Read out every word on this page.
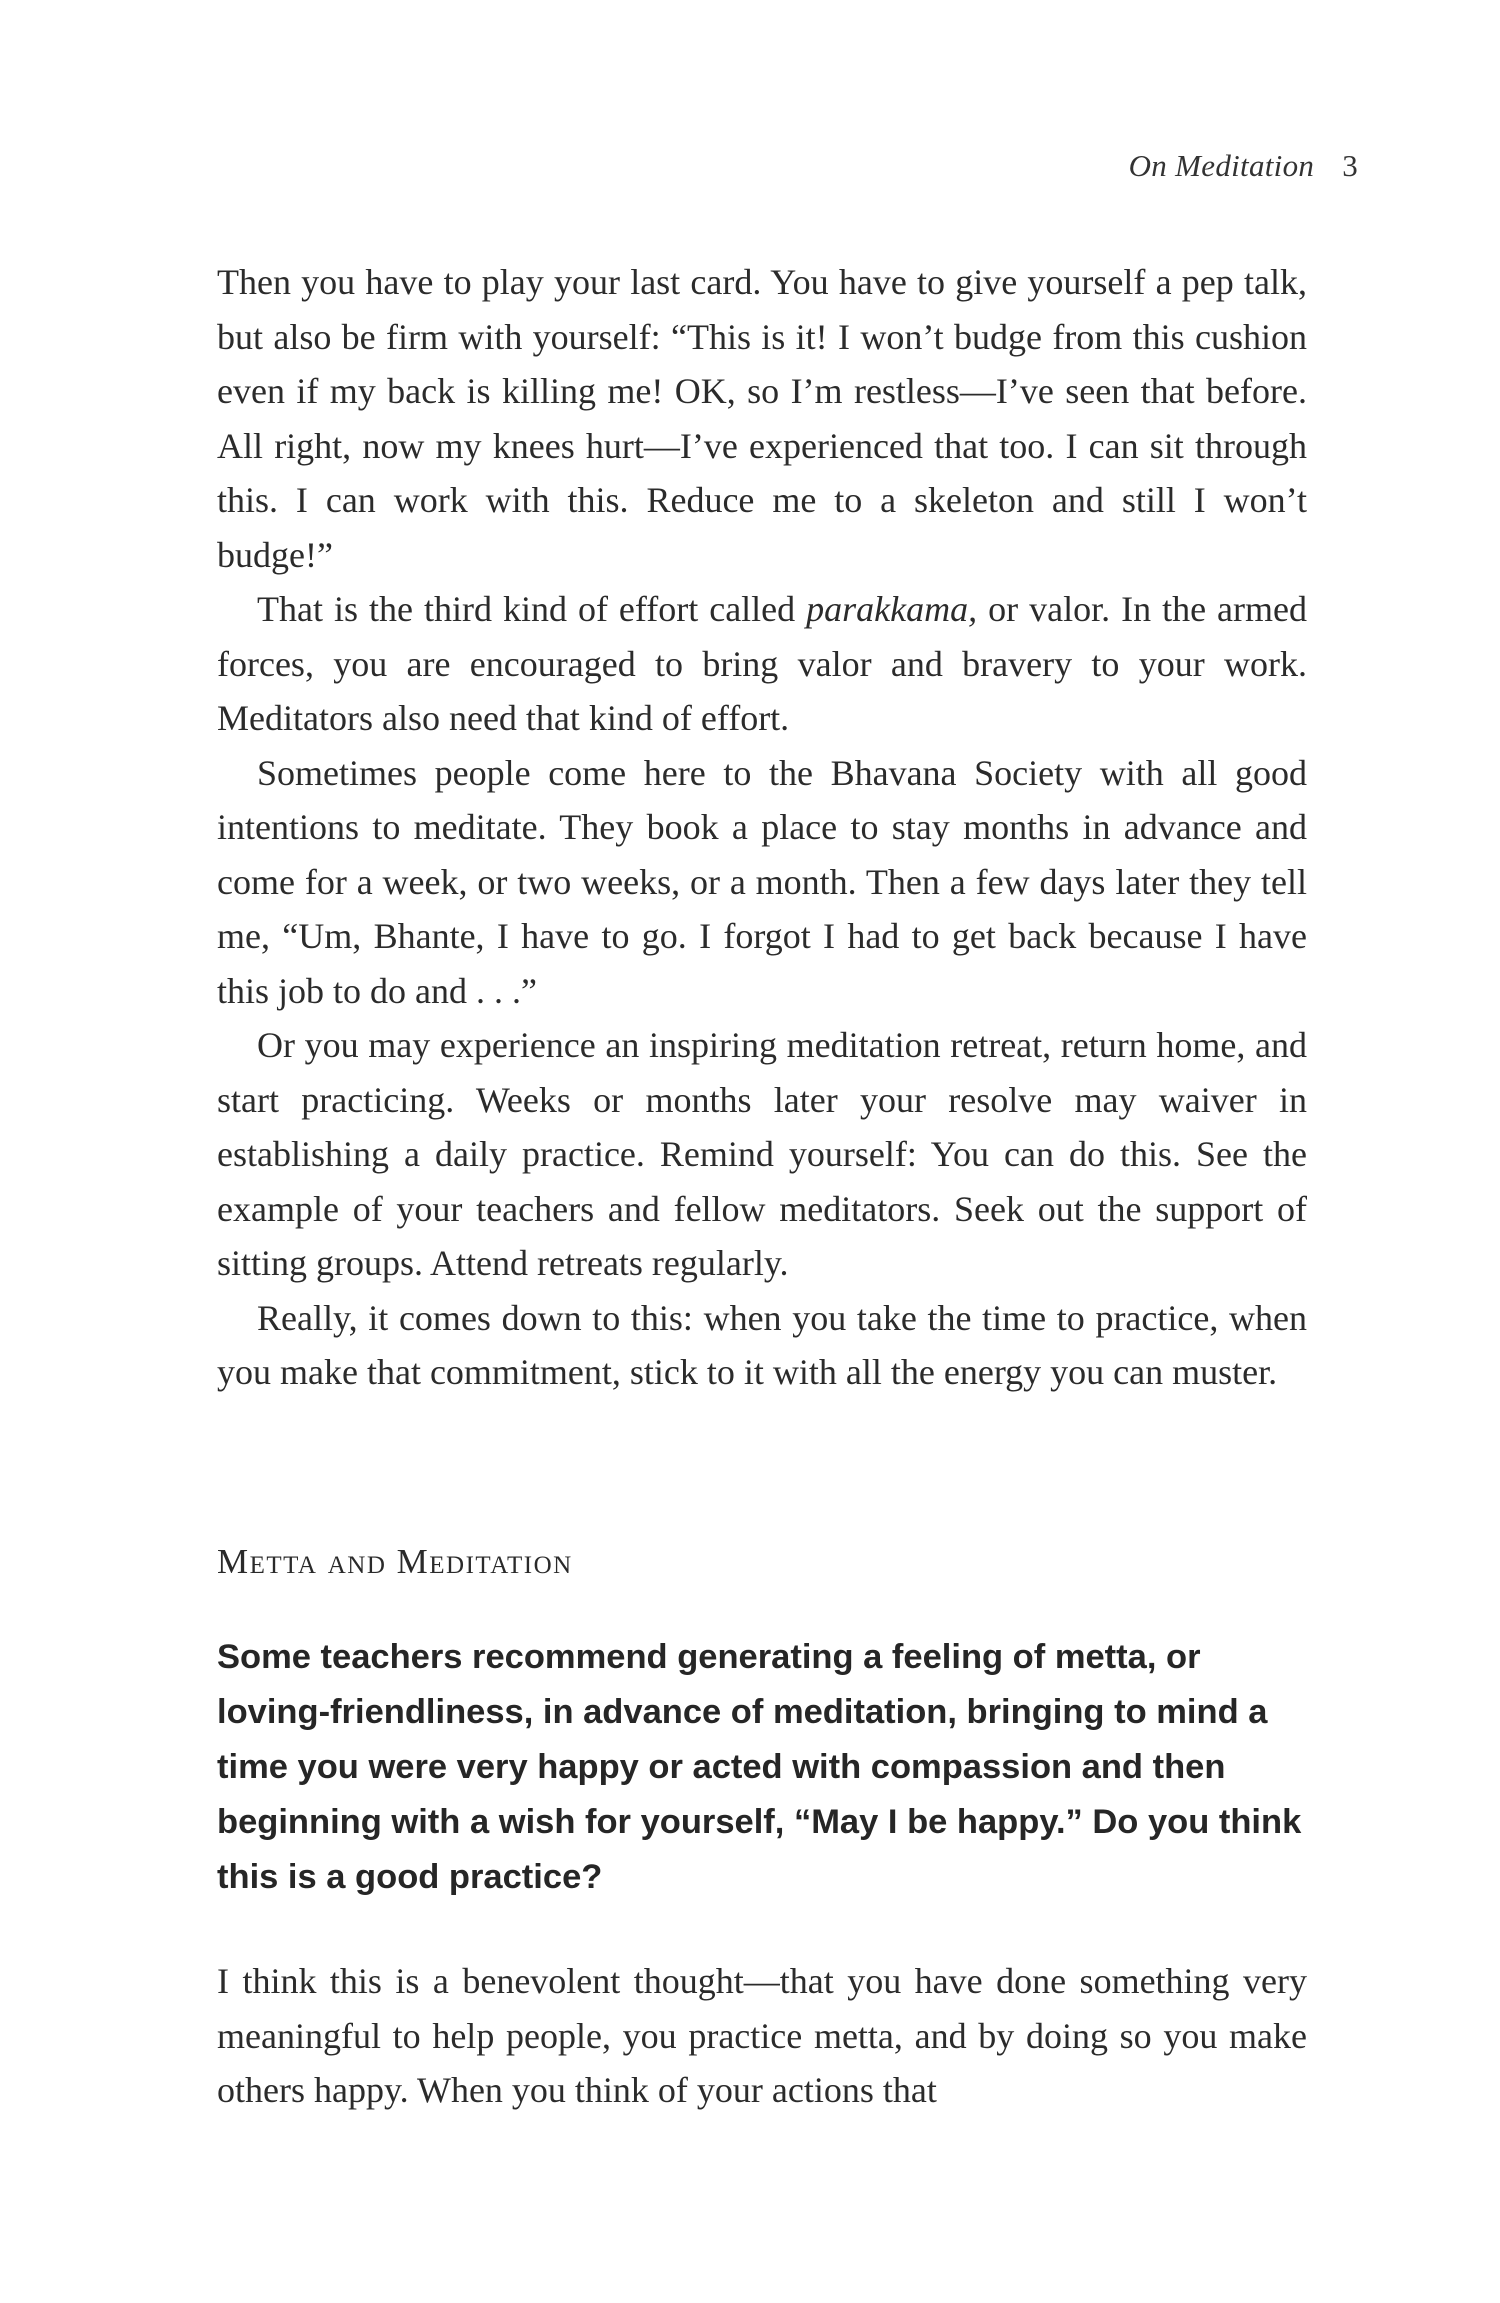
On Meditation 3

Then you have to play your last card. You have to give yourself a pep talk, but also be firm with yourself: “This is it! I won’t budge from this cushion even if my back is killing me! OK, so I’m restless—I’ve seen that before. All right, now my knees hurt—I’ve experienced that too. I can sit through this. I can work with this. Reduce me to a skeleton and still I won’t budge!”

That is the third kind of effort called parakkama, or valor. In the armed forces, you are encouraged to bring valor and bravery to your work. Meditators also need that kind of effort.

Sometimes people come here to the Bhavana Society with all good intentions to meditate. They book a place to stay months in advance and come for a week, or two weeks, or a month. Then a few days later they tell me, “Um, Bhante, I have to go. I forgot I had to get back because I have this job to do and . . .”

Or you may experience an inspiring meditation retreat, return home, and start practicing. Weeks or months later your resolve may waiver in establishing a daily practice. Remind yourself: You can do this. See the example of your teachers and fellow meditators. Seek out the support of sitting groups. Attend retreats regularly.

Really, it comes down to this: when you take the time to practice, when you make that commitment, stick to it with all the energy you can muster.

Metta and Meditation

Some teachers recommend generating a feeling of metta, or loving-friendliness, in advance of meditation, bringing to mind a time you were very happy or acted with compassion and then beginning with a wish for yourself, “May I be happy.” Do you think this is a good practice?

I think this is a benevolent thought—that you have done something very meaningful to help people, you practice metta, and by doing so you make others happy. When you think of your actions that
